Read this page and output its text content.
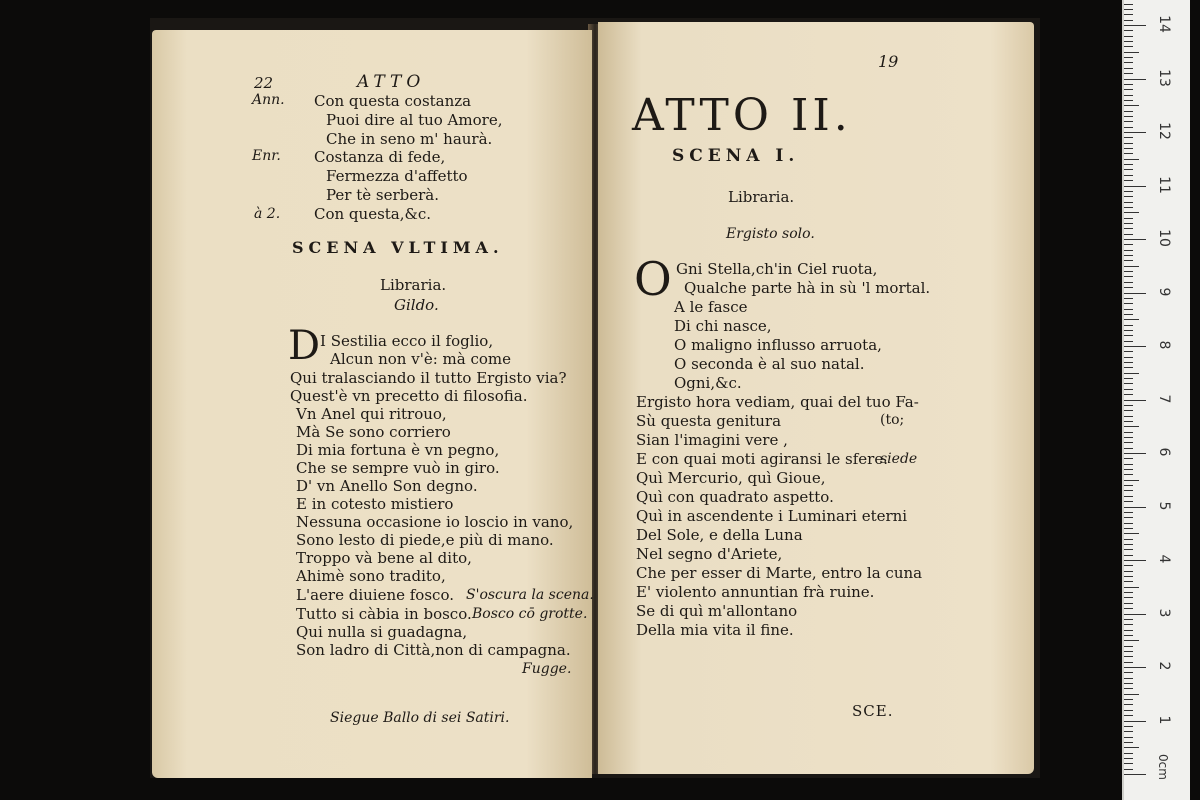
22	ATTO
Ann. Con questa costanza
Puoi dire al tuo Amore,
Che in seno m' haurà.
Enr. Costanza di fede,
Fermezza d'affetto
Per tè serberà.
à 2. Con questa,&c.
SCENA VLTIMA.
Libraria.
Gildo.
D I Sestilia ecco il foglio,
Alcun non v'è: mà come
Qui tralasciando il tutto Ergisto via?
Quest'è vn precetto di filosofia.
Vn Anel qui ritrouo,
Mà Se sono corriero
Di mia fortuna è vn pegno,
Che se sempre vuò in giro.
D' vn Anello Son degno.
E in cotesto mistiero
Nessuna occasione io loscio in vano,
Sono lesto di piede,e più di mano.
Troppo và bene al dito,
Ahimè sono tradito,
L'aere diuiene fosco. S'oscura la scena.
Tutto si càbia in bosco. Bosco cō grotte.
Qui nulla si guadagna,
Son ladro di Città,non di campagna.
Fugge.
Siegue Ballo di sei Satiri.
19
ATTO II.
SCENA I.
Libraria.
Ergisto solo.
O Gni Stella,ch'in Ciel ruota,
Qualche parte hà in sù 'l mortal.
A le fasce
Di chi nasce,
O maligno influsso arruota,
O seconda è al suo natal.
Ogni,&c.
Ergisto hora vediam, quai del tuo Fa-
Sù questa genitura	(to;
Sian l'imagini vere ,
E con quai moti agiransi le sfere.
siede
Quì Mercurio, quì Gioue,
Quì con quadrato aspetto.
Quì in ascendente i Luminari eterni
Del Sole, e della Luna
Nel segno d'Ariete,
Che per esser di Marte, entro la cuna
E' violento annuntian frà ruine.
Se di quì m'allontano
Della mia vita il fine.
SCE.
0cm
1
2
3
4
5
6
7
8
9
10
11
12
13
14
